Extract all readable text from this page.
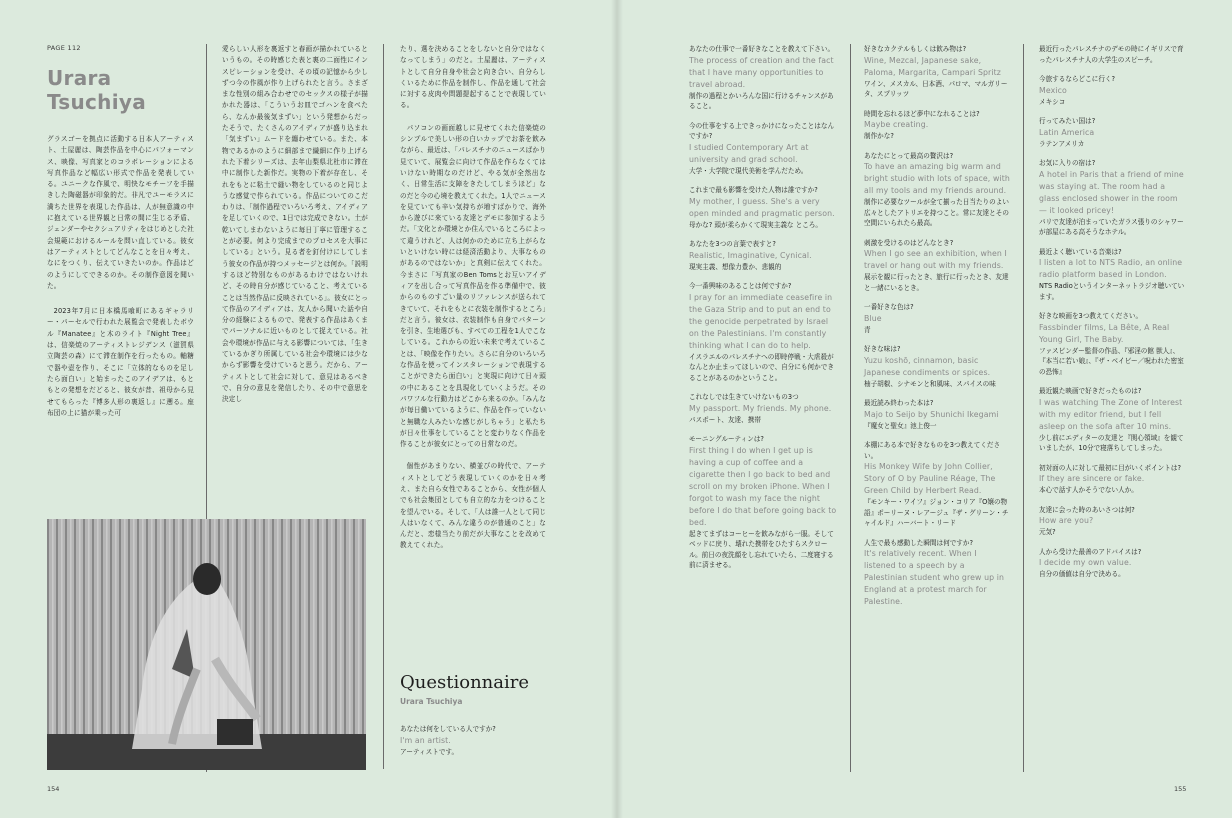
PAGE 112
Urara
Tsuchiya

グラスゴーを拠点に活動する日本人アーティスト、土屋麗は、陶芸作品を中心にパフォーマンス、映像、写真家とのコラボレーションによる写真作品など幅広い形式で作品を発表している。ユニークな作風で、明快なモチーフを手描きした陶磁器が印象的だ。非凡でユーモラスに満ちた世界を表現した作品は、人が無意識の中に抱えている世界観と日常の間に生じる矛盾、ジェンダーやセクシュアリティをはじめとした社会規範におけるルールを問い直している。彼女はアーティストとしてどんなことを日々考え、なにをつくり、伝えていきたいのか。作品はどのようにしてできるのか。その制作意図を聞いた。

2023年7月に日本橋馬喰町にあるギャラリー・パーセルで行われた展覧会で発表したボウル『Manatee』と木のライト『Night Tree』は、信楽焼のアーティストレジデンス（滋賀県立陶芸の森）にて滞在制作を行ったもの。軸糖で器や壺を作り、そこに「立体的なものを足したら面白い」と始まったこのアイデアは、もともとの発想をだどると、彼女が昔、祖母から見せてもらった『博多人形の裏返し』に遡る。座布団の上に猫が乗った可

愛らしい人形を裏返すと春画が描かれているというもの。その時感じた表と裏の二面性にインスピレーションを受け、その頃の記憶から少しずつ今の作風が作り上げられたと言う。さまざまな性別の組み合わせでのセックスの様子が描かれた器は、「こういうお皿でゴハンを食べたら、なんか最後気まずい」という発想からだったそうで、たくさんのアイディアが盛り込まれ「気まずい」ムードを纏わせている。また、本物であるかのように細部まで繊細に作り上げられた下着シリーズは、去年山梨県北杜市に滞在中に制作した新作だ。実物の下着が存在し、それをもとに粘土で縫い物をしているのと同じような感覚で作られている。作品についてのこだわりは、「制作過程でいろいろ考え、アイディアを足していくので、1日では完成できない。土が乾いてしまわないように毎日丁寧に管理することが必要。何より完成までのプロセスを大事にしている」という。見る者を釘付けにしてしまう彼女の作品が持つメッセージとは何か。「説明するほど特別なものがあるわけではないけれど、その時自分が感じていること、考えていることは当然作品に反映されている」。彼女にとって作品のアイディアは、友人から聞いた話や自分の経験によるもので、発表する作品はあくまでパーソナルに近いものとして捉えている。社会や環境が作品に与える影響については、「生きているかぎり所属している社会や環境には少なからず影響を受けていると思う。だから、アーティストとして社会に対して、意見はあるべきで、自分の意見を発信したり、その中で意思を決定し

たり、選を決めることをしないと自分ではなくなってしまう」のだと。土屋麗は、アーティストとして自分自身や社会と向き合い、自分らしくいるために作品を制作し、作品を通して社会に対する皮肉や問題提起することで表現している。

パソコンの画面越しに見せてくれた信楽焼のシンプルで美しい形の白いカップでお茶を飲みながら、最近は、「パレスチナのニュースばかり見ていて、展覧会に向けて作品を作らなくてはいけない時期なのだけど、やる気が全然出なく、日常生活に支障をきたしてしまうほど」なのだと今の心境を教えてくれた。1人でニュースを見ていても辛い気持ちが増すばかりで、海外から遊びに来ている友達とデモに参加するようだ。「文化とか環境とか住んでいるところによって違うけれど、人は何かのために立ち上がらないといけない時には経済活動より、大事なものがあるのではないか」と真剣に伝えてくれた。今まさに「写真家のBen Tomsとお互いアイディアを出し合って写真作品を作る準備中で、彼からのものすごい量のリファレンスが送られてきていて、それをもとに衣装を制作するところ」だと言う。彼女は、衣装制作も自身でパターンを引き、生地選びも、すべての工程を1人でこなしている。これからの近い未来で考えていることは、「映像を作りたい。さらに自分のいろいろな作品を使ってインスタレーションで表現することができたら面白い」と実現に向けて日々頭の中にあることを具現化していくようだ。そのパワフルな行動力はどこから来るのか。「みんなが毎日働いているように、作品を作っていないと無職な人みたいな感じがしちゃう」と私たちが日々仕事をしていることと変わりなく作品を作ることが彼女にとっての日常なのだ。

個性があまりない、横並びの時代で、アーティストとしてどう表現していくのかを日々考え、また自ら女性であることから、女性が個人でも社会集団としても自立的な力をつけることを望んでいる。そして、「人は誰一人として同じ人はいなくて、みんな違うのが普通のこと」なんだと、恋様当たり前だが大事なことを改めて教えてくれた。

Questionnaire
Urara Tsuchiya
あなたは何をしている人ですか?
I'm an artist.
アーティストです。
あなたの仕事で一番好きなことを教えて下さい。
The process of creation and the fact that I have many opportunities to travel abroad.
制作の過程とかいろんな国に行けるチャンスがあること。
今の仕事をする上できっかけになったことはなんですか?
I studied Contemporary Art at university and grad school.
大学・大学院で現代美術を学んだため。
これまで最も影響を受けた人物は誰ですか?
My mother, I guess. She's a very open minded and pragmatic person.
母かな? 頭が柔らかくて現実主義な ところ。
あなたを3つの言葉で表すと?
Realistic, Imaginative, Cynical.
現実主義、想像力豊か、悲観的
今一番興味のあることは何ですか?
I pray for an immediate ceasefire in the Gaza Strip and to put an end to the genocide perpetrated by Israel on the Palestinians. I'm constantly thinking what I can do to help.
イスラエルのパレスチナへの即時停戦・大虐殺がなんとか止まってほしいので、自分にも何かできることがあるのかということ。
これなしでは生きていけないもの3つ
My passport. My friends. My phone.
パスポート、友達、携帯
モーニングルーティンは?
First thing I do when I get up is having a cup of coffee and a cigarette then I go back to bed and scroll on my broken iPhone. When I forgot to wash my face the night before I do that before going back to bed.
起きてまずはコーヒーを飲みながら一服。そしてベッドに戻り、壊れた携帯をひたすらスクロール。前日の夜洗顔をし忘れていたら、二度寝する前に済ませる。
好きなカクテルもしくは飲み物は?
Wine, Mezcal, Japanese sake, Paloma, Margarita, Campari Spritz
ワイン、メスカル、日本酒、パロマ、マルガリータ、スプリッツ
時間を忘れるほど夢中になれることは?
Maybe creating.
制作かな?
あなたにとって最高の贅沢は?
To have an amazing big warm and bright studio with lots of space, with all my tools and my friends around.
制作に必要なツールが全て揃った日当たりのよい広々としたアトリエを持つこと。常に友達とその空間にいられたら最高。
刺激を受けるのはどんなとき?
When I go see an exhibition, when I travel or hang out with my friends.
展示を観に行ったとき、旅行に行ったとき、友達と一緒にいるとき。
一番好きな色は?
Blue
青
好きな味は?
Yuzu koshō, cinnamon, basic Japanese condiments or spices.
柚子胡椒、シナモンと和風味、スパイスの味
最近読み終わった本は?
Majo to Seijo by Shunichi Ikegami
『魔女と聖女』池上俊一
本棚にある本で好きなものを3つ教えてください。
His Monkey Wife by John Collier, Story of O by Pauline Réage, The Green Child by Herbert Read.
『モンキー・ワイフ』ジョン・コリア『O嬢の物語』ポーリーヌ・レアージュ『ザ・グリーン・チャイルド』ハーバート・リード
人生で最も感動した瞬間は何ですか?
It's relatively recent. When I listened to a speech by a Palestinian student who grew up in England at a protest march for Palestine.
最近行ったパレスチナのデモの時にイギリスで育ったパレスチナ人の大学生のスピーチ。
今旅するならどこに行く?
Mexico
メキシコ
行ってみたい国は?
Latin America
ラテンアメリカ
お気に入りの宿は?
A hotel in Paris that a friend of mine was staying at. The room had a glass enclosed shower in the room — it looked pricey!
パリで友達が泊まっていたガラス張りのシャワーが部屋にある高そうなホテル。
最近よく聴いている音楽は?
I listen a lot to NTS Radio, an online radio platform based in London.
NTS Radioというインターネットラジオ聴いています。
好きな映画を3つ教えてください。
Fassbinder films, La Bête, A Real Young Girl, The Baby.
ファスビンダー監督の作品、『邪淫の館 獣人』、『本当に若い娘』、『ザ・ベイビー／呪われた密室の恐怖』
最近観た映画で好きだったものは?
I was watching The Zone of Interest with my editor friend, but I fell asleep on the sofa after 10 mins.
少し前にエディターの友達と『関心領域』を観ていましたが、10分で寝落ちしてしまった。
初対面の人に対して最初に目がいくポイントは?
If they are sincere or fake.
本心で話す人かそうでない人か。
友達に会った時のあいさつは何?
How are you?
元気?
人から受けた最善のアドバイスは?
I decide my own value.
自分の価値は自分で決める。
154	155
